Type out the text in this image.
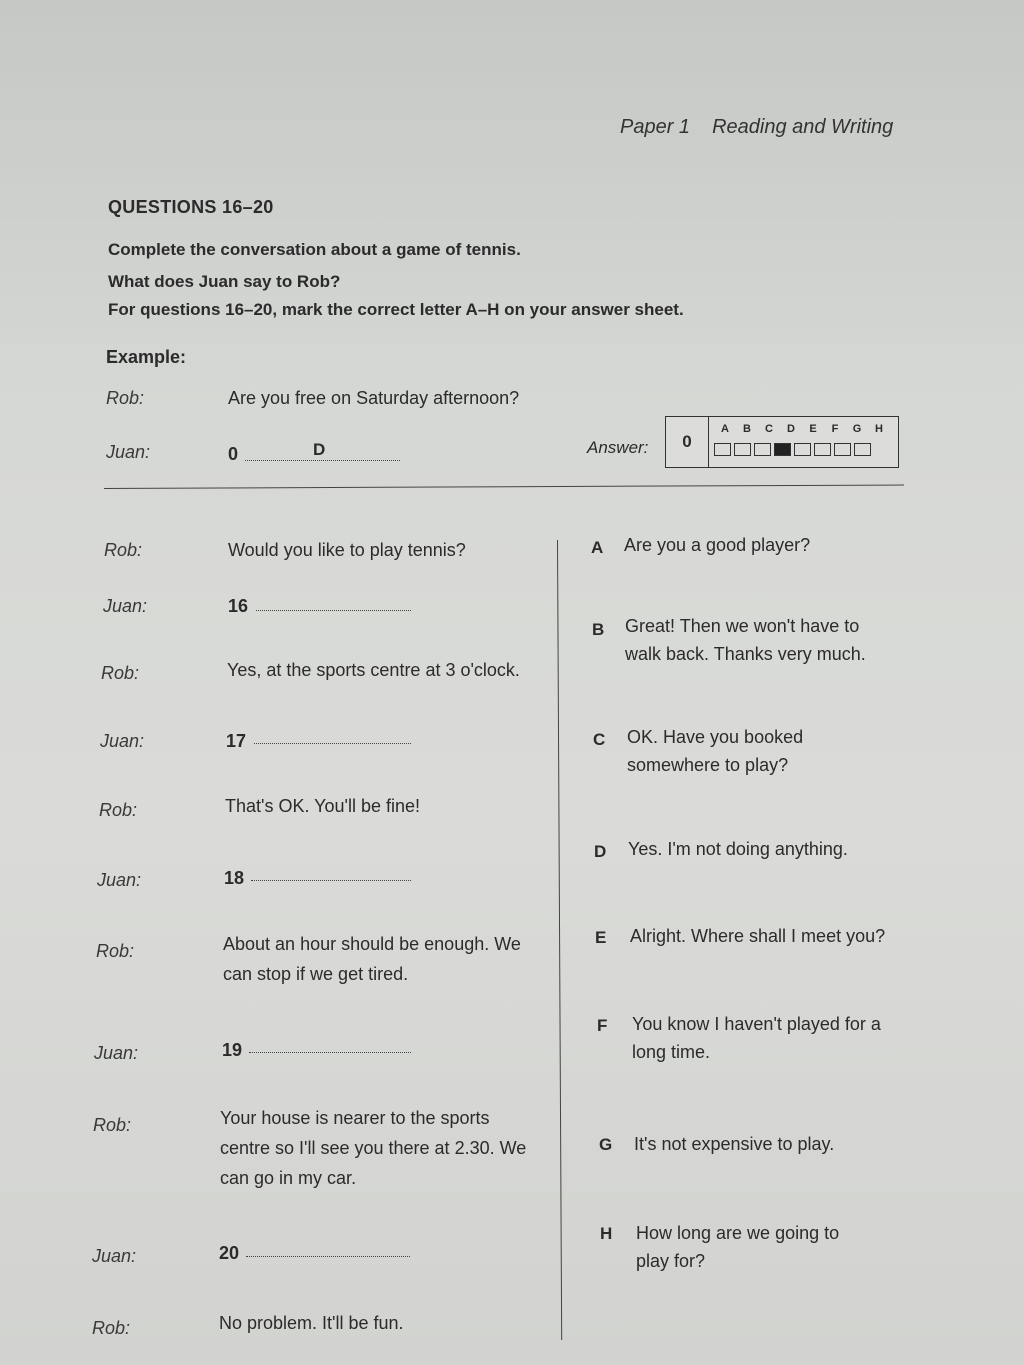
Paper 1 Reading and Writing
QUESTIONS 16–20
Complete the conversation about a game of tennis.
What does Juan say to Rob?
For questions 16–20, mark the correct letter A–H on your answer sheet.
Example:
Rob:	Are you free on Saturday afternoon?
Juan:	0	D	Answer:	0
A	B	C	D	E	F	G	H
Rob:	Would you like to play tennis?
Juan:	16
Rob:	Yes, at the sports centre at 3 o'clock.
Juan:	17
Rob:	That's OK. You'll be fine!
Juan:	18
Rob:	About an hour should be enough. We can stop if we get tired.
Juan:	19
Rob:	Your house is nearer to the sports centre so I'll see you there at 2.30. We can go in my car.
Juan:	20
Rob:	No problem. It'll be fun.
A Are you a good player?
B Great! Then we won't have to walk back. Thanks very much.
C OK. Have you booked somewhere to play?
D Yes. I'm not doing anything.
E Alright. Where shall I meet you?
F You know I haven't played for a long time.
G It's not expensive to play.
H How long are we going to play for?
